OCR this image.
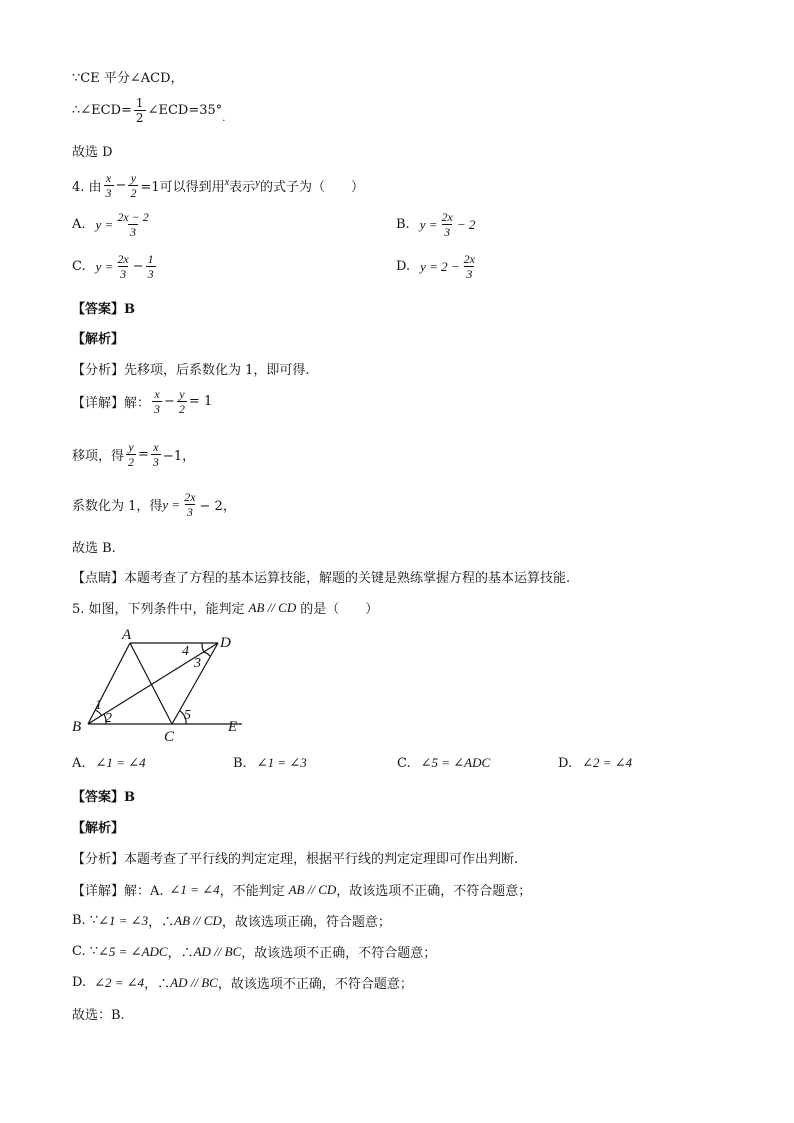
∵CE 平分∠ACD，
∴∠ECD= $\frac{1}{2}$ ∠ECD=35°
.
故选 D
4. 由 $\frac{x}{3} - \frac{y}{2} =1$可以得到用 x 表示 y 的式子为（　　）
A. $y = \frac{2x - 2}{3}$	B. $y = \frac{2x}{3} - 2$
C. $y = \frac{2x}{3} - \frac{1}{3}$	D. $y = 2 - \frac{2x}{3}$
【答案】B
【解析】
【分析】先移项，后系数化为 1，即可得.
【详解】解： $\frac{x}{3} - \frac{y}{2} = 1$
移项，得 $\frac{y}{2} = \frac{x}{3} -1$，
系数化为 1，得 $y = \frac{2x}{3} - 2$，
故选 B.
【点睛】本题考查了方程的基本运算技能，解题的关键是熟练掌握方程的基本运算技能.
5. 如图，下列条件中，能判定 AB // CD 的是（　　）
A
B
C
D
E
1
2
3
4
5
A. ∠1 = ∠4	B. ∠1 = ∠3	C. ∠5 = ∠ADC	D. ∠2 = ∠4
【答案】B
【解析】
【分析】本题考查了平行线的判定定理，根据平行线的判定定理即可作出判断.
【详解】解：A. ∠1 = ∠4 ，不能判定 AB // CD ，故该选项不正确，不符合题意；
B. ∵ ∠1 = ∠3 ，∴ AB // CD ，故该选项正确，符合题意；
C. ∵ ∠5 = ∠ADC ，∴ AD // BC ，故该选项不正确，不符合题意；
D. ∠2 = ∠4 ，∴ AD // BC ，故该选项不正确，不符合题意；
故选：B.
